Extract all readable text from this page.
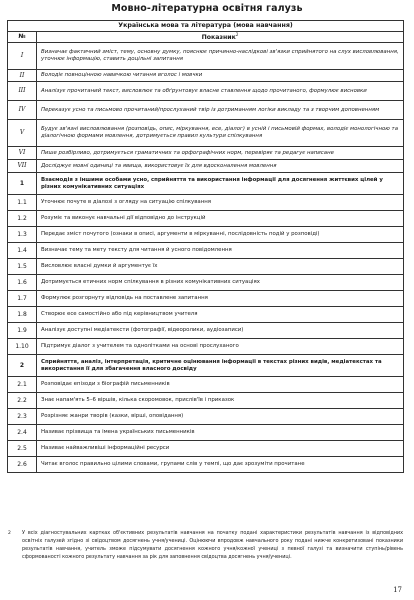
Мовно-літературна освітня галузь
Українська мова та література (мова навчання)	
№	Показник$^2$
I	Визначає фактичний зміст, тему, основну думку, пояснює причинно-наслідкові зв'язки сприйнятого на слух висловлювання, уточнює інформацію, ставить доцільні запитання
II	Володіє повноцінною навичкою читання вголос і мовчки
III	Аналізує прочитаний текст, висловлює та обґрунтовує власне ставлення щодо прочитаного, формулює висновки
IV	Переказує усно та письмово прочитаний/прослуханий твір із дотриманням логіки викладу та з творчим доповненням
V	Будує зв'язні висловлювання (розповідь, опис, міркування, есе, діалог) в усній і письмовій формах, володіє монологічною та діалогічною формами мовлення, дотримується правил культури спілкування
VI	Пише розбірливо, дотримується граматичних та орфографічних норм, перевіряє та редагує написане
VII	Досліджує мовні одиниці та явища, використовує їх для вдосконалення мовлення
1	Взаємодія з іншими особами усно, сприйняття та використання інформації для досягнення життєвих цілей у різних комунікативних ситуаціях
1.1	Уточнює почуте в діалозі з огляду на ситуацію спілкування
1.2	Розуміє та виконує навчальні дії відповідно до інструкцій
1.3	Передає зміст почутого (ознаки в описі, аргументи в міркуванні, послідовність подій у розповіді)
1.4	Визначає тему та мету тексту для читання й усного повідомлення
1.5	Висловлює власні думки й аргументує їх
1.6	Дотримується етичних норм спілкування в різних комунікативних ситуаціях
1.7	Формулює розгорнуту відповідь на поставлене запитання
1.8	Створює есе самостійно або під керівництвом учителя
1.9	Аналізує доступні медіатексти (фотографії, відеоролики, аудіозаписи)
1.10	Підтримує діалог з учителем та однолітками на основі прослуханого
2	Сприйняття, аналіз, інтерпретація, критичне оцінювання інформації в текстах різних видів, медіатекстах та використання її для збагачення власного досвіду
2.1	Розповідає епізоди з біографій письменників
2.2	Знає напам'ять 5–6 віршів, кілька скоромовок, прислів'їв і приказок
2.3	Розрізняє жанри творів (казки, вірші, оповідання)
2.4	Називає прізвища та імена українських письменників
2.5	Називає найважливіші інформаційні ресурси
2.6	Читає вголос правильно цілими словами, групами слів у темпі, що дає зрозуміти прочитане
2	У всіх діагностувальних картках об'єктивних результатів навчання на початку подані характеристики результатів навчання із відповідних освітніх галузей згідно зі свідоцтвом досягнень учня/учениці. Оцінюючи впродовж навчального року подані нижче конкретизовані показники результатів навчання, учитель зможе підсумувати досягнення кожного учня/кожної учениці з певної галузі та визначити ступінь/рівень сформованості кожного результату навчання за рік для заповнення свідоцтва досягнень учня/учениці.
17
